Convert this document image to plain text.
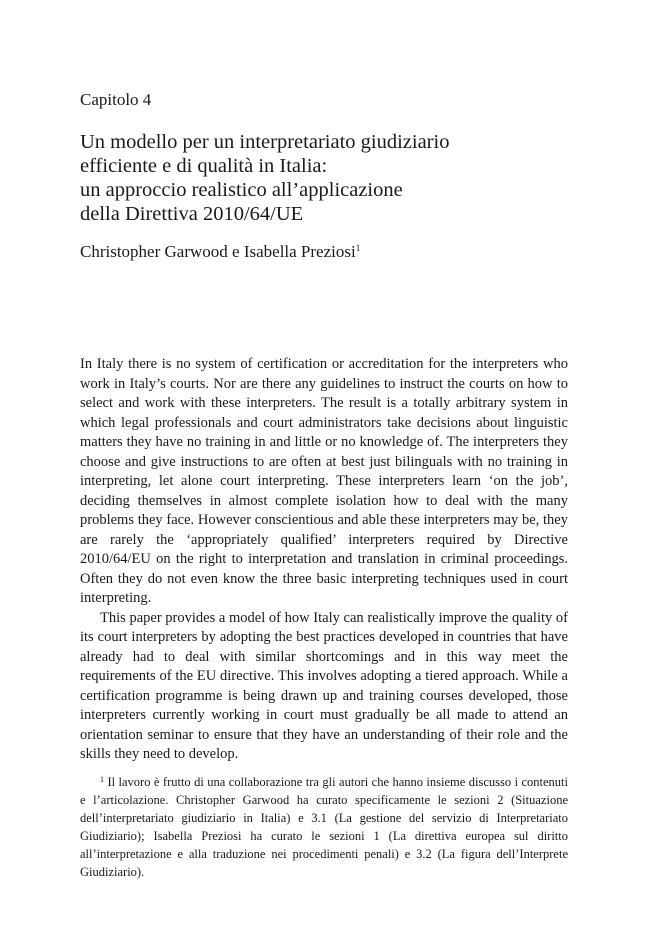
Capitolo 4
Un modello per un interpretariato giudiziario
efficiente e di qualità in Italia:
un approccio realistico all’applicazione
della Direttiva 2010/64/UE

Christopher Garwood e Isabella Preziosi$^1$

In Italy there is no system of certification or accreditation for the interpreters who work in Italy’s courts. Nor are there any guidelines to instruct the courts on how to select and work with these interpreters. The result is a totally arbitrary system in which legal professionals and court administrators take decisions about linguistic matters they have no training in and little or no knowledge of. The interpreters they choose and give instructions to are often at best just bilinguals with no training in interpreting, let alone court interpreting. These interpreters learn ‘on the job’, deciding themselves in almost complete isolation how to deal with the many problems they face. However conscientious and able these interpreters may be, they are rarely the ‘appropriately qualified’ interpreters required by Directive 2010/64/EU on the right to interpretation and translation in criminal proceedings. Often they do not even know the three basic interpreting techniques used in court interpreting.

This paper provides a model of how Italy can realistically improve the quality of its court interpreters by adopting the best practices developed in countries that have already had to deal with similar shortcomings and in this way meet the requirements of the EU directive. This involves adopting a tiered approach. While a certification programme is being drawn up and training courses developed, those interpreters currently working in court must gradually be all made to attend an orientation seminar to ensure that they have an understanding of their role and the skills they need to develop.

$^1$ Il lavoro è frutto di una collaborazione tra gli autori che hanno insieme discusso i contenuti e l’articolazione. Christopher Garwood ha curato specificamente le sezioni 2 (Situazione dell’interpretariato giudiziario in Italia) e 3.1 (La gestione del servizio di Interpretariato Giudiziario); Isabella Preziosi ha curato le sezioni 1 (La direttiva europea sul diritto all’interpretazione e alla traduzione nei procedimenti penali) e 3.2 (La figura dell’Interprete Giudiziario).
